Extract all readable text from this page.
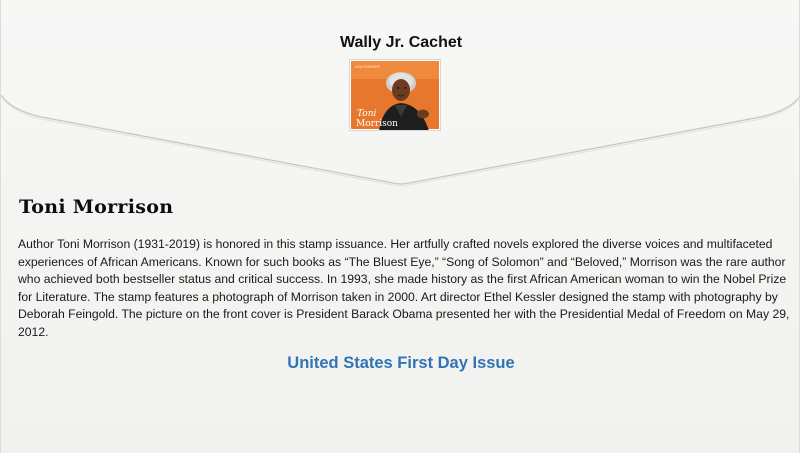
Wally Jr. Cachet
USA FOREVER
Toni
Morrison
Toni Morrison
Author Toni Morrison (1931-2019) is honored in this stamp issuance. Her artfully crafted novels explored the diverse voices and multifaceted experiences of African Americans. Known for such books as “The Bluest Eye,” “Song of Solomon” and “Beloved,” Morrison was the rare author who achieved both bestseller status and critical success. In 1993, she made history as the first African American woman to win the Nobel Prize for Literature. The stamp features a photograph of Morrison taken in 2000. Art director Ethel Kessler designed the stamp with photography by Deborah Feingold. The picture on the front cover is President Barack Obama presented her with the Presidential Medal of Freedom on May 29, 2012.
United States First Day Issue
